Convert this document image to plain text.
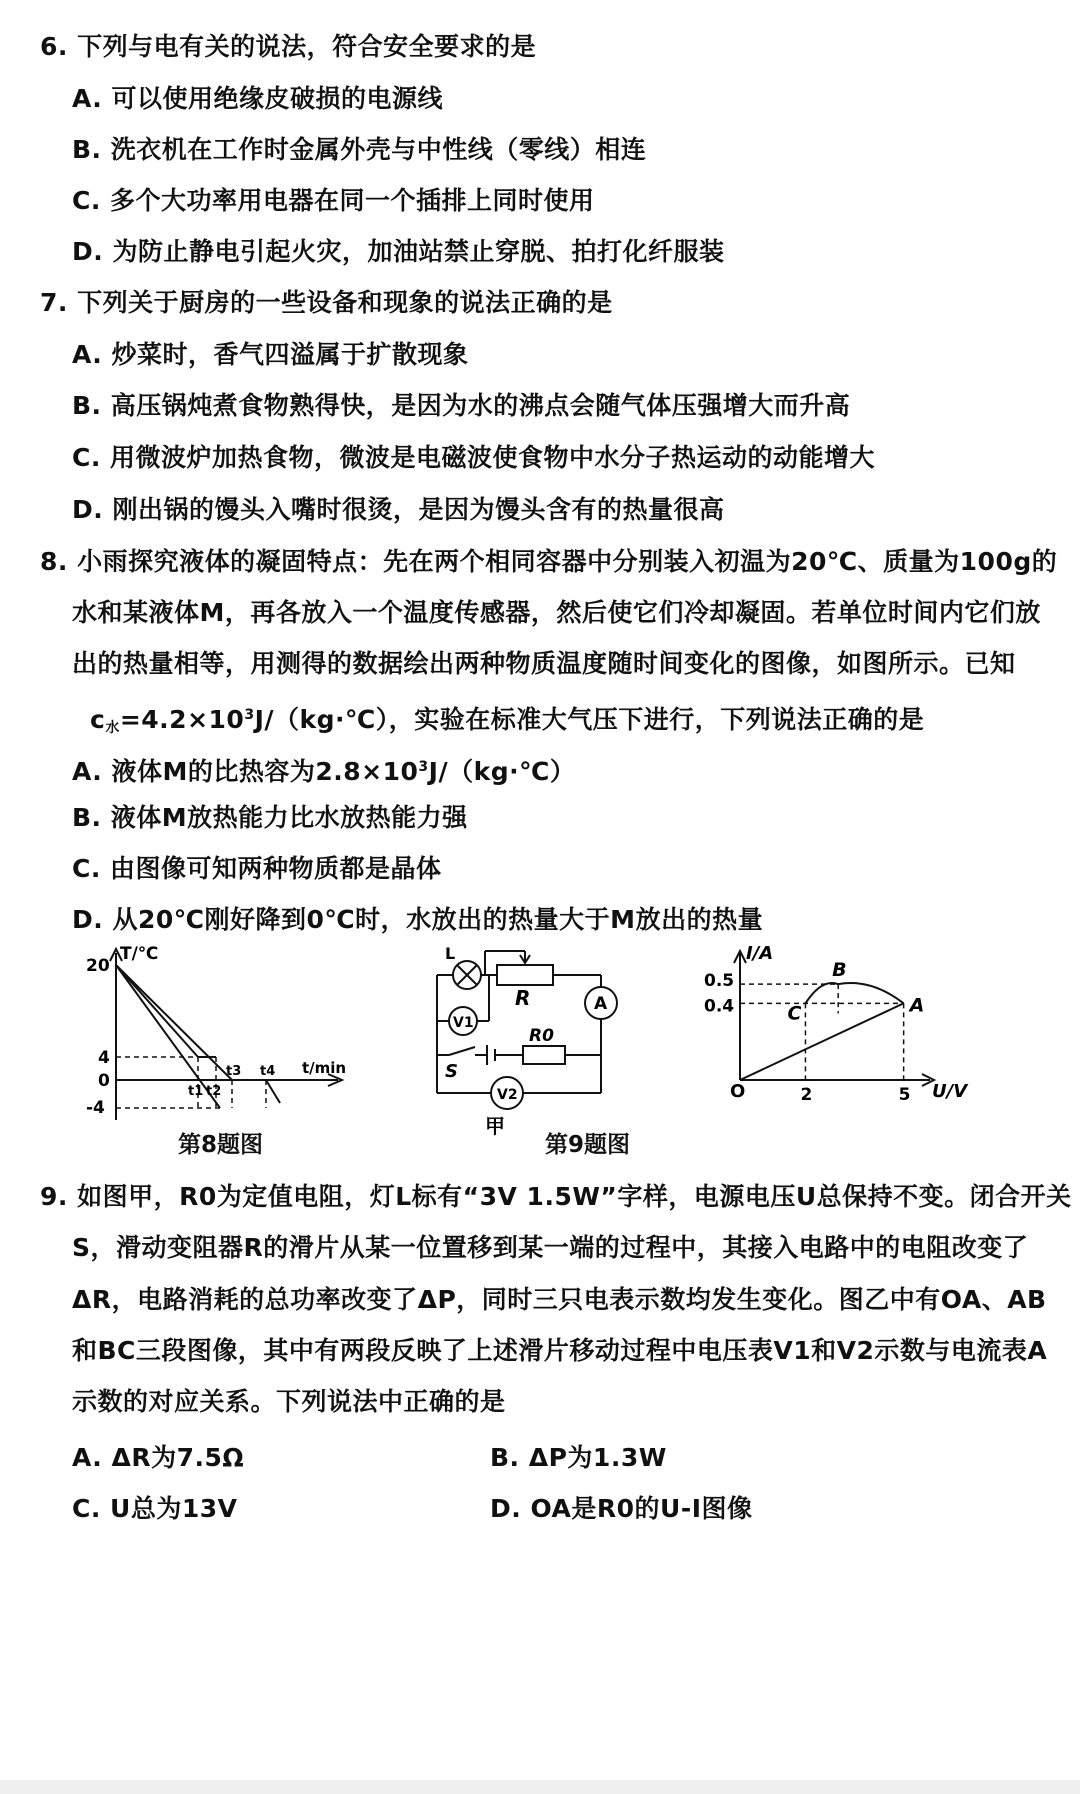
6. 下列与电有关的说法，符合安全要求的是
A. 可以使用绝缘皮破损的电源线
B. 洗衣机在工作时金属外壳与中性线（零线）相连
C. 多个大功率用电器在同一个插排上同时使用
D. 为防止静电引起火灾，加油站禁止穿脱、拍打化纤服装
7. 下列关于厨房的一些设备和现象的说法正确的是
A. 炒菜时，香气四溢属于扩散现象
B. 高压锅炖煮食物熟得快，是因为水的沸点会随气体压强增大而升高
C. 用微波炉加热食物，微波是电磁波使食物中水分子热运动的动能增大
D. 刚出锅的馒头入嘴时很烫，是因为馒头含有的热量很高
8. 小雨探究液体的凝固特点：先在两个相同容器中分别装入初温为20℃、质量为100g的
水和某液体M，再各放入一个温度传感器，然后使它们冷却凝固。若单位时间内它们放
出的热量相等，用测得的数据绘出两种物质温度随时间变化的图像，如图所示。已知
$c_水=4.2\times 10^3J/(kg\cdot℃)$，实验在标准大气压下进行，下列说法正确的是
A. 液体M的比热容为$2.8\times 10^3J/(kg\cdot℃)$
B. 液体M放热能力比水放热能力强
C. 由图像可知两种物质都是晶体
D. 从20℃刚好降到0℃时，水放出的热量大于M放出的热量
T/℃
20
4
0
-4
t1 t2
t3 t4 t/min
L
R	A
V1
R0
S
V2
甲
I/A
O
0.5
0.4
2	5 U/V
A
B
C
第8题图	第9题图
9. 如图甲，R0为定值电阻，灯L标有“3V 1.5W”字样，电源电压U总保持不变。闭合开关
S，滑动变阻器R的滑片从某一位置移到某一端的过程中，其接入电路中的电阻改变了
ΔR，电路消耗的总功率改变了ΔP，同时三只电表示数均发生变化。图乙中有OA、AB
和BC三段图像，其中有两段反映了上述滑片移动过程中电压表V1和V2示数与电流表A
示数的对应关系。下列说法中正确的是
A. ΔR为7.5Ω	B. ΔP为1.3W
C. U总为13V	D. OA是R0的U-I图像
